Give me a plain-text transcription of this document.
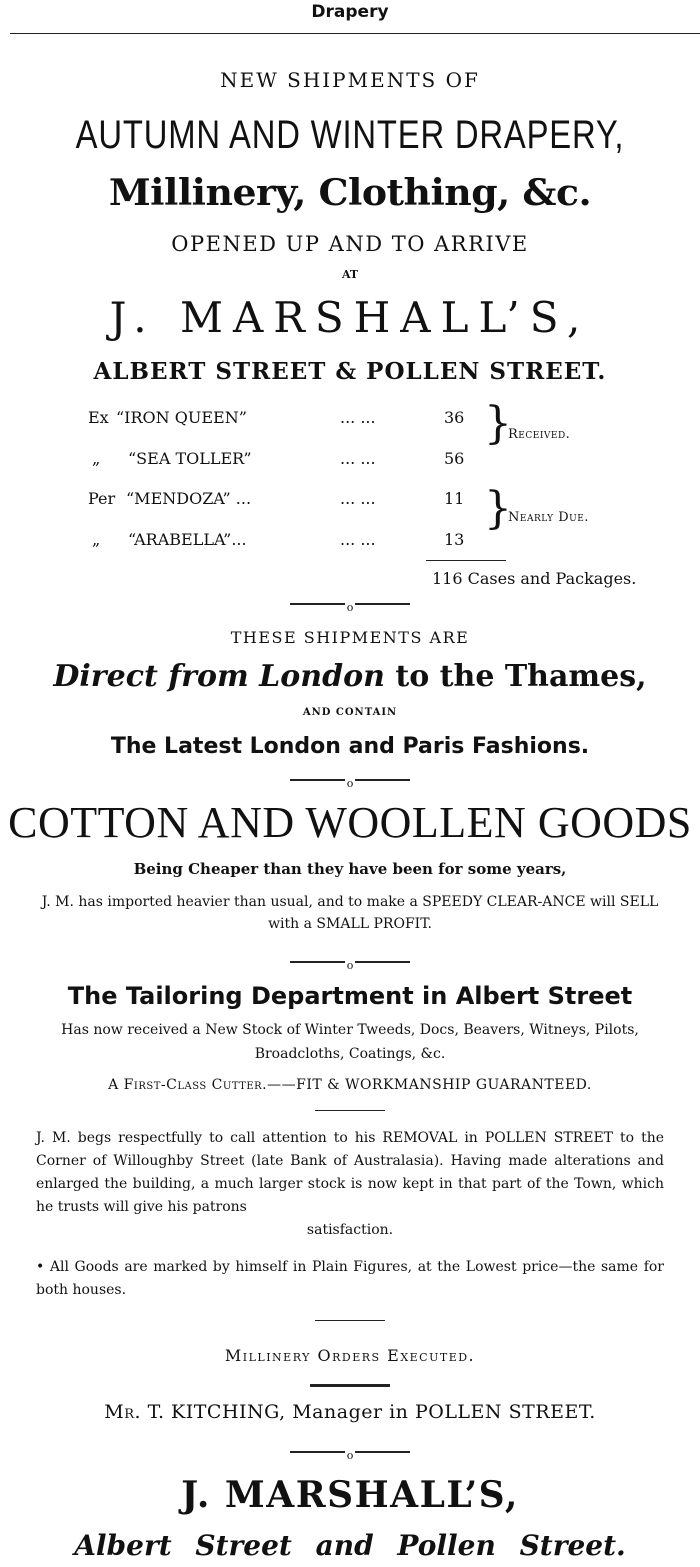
Drapery
NEW SHIPMENTS OF
AUTUMN AND WINTER DRAPERY,
Millinery, Clothing, &c.
OPENED UP AND TO ARRIVE
AT
J. MARSHALL’S,
ALBERT STREET & POLLEN STREET.
Ex “IRON QUEEN”	... ...	36
„ “SEA TOLLER”	... ...	56
Per “MENDOZA” ...	... ...	11
„ “ARABELLA”...	... ...	13
}
Received.
}
Nearly Due.
116 Cases and Packages.
o
THESE SHIPMENTS ARE
Direct from London to the Thames,
AND CONTAIN
The Latest London and Paris Fashions.
o
COTTON AND WOOLLEN GOODS
Being Cheaper than they have been for some years,
J. M. has imported heavier than usual, and to make a SPEEDY CLEAR-ANCE will SELL with a SMALL PROFIT.
o
The Tailoring Department in Albert Street
Has now received a New Stock of Winter Tweeds, Docs, Beavers, Witneys, Pilots, Broadcloths, Coatings, &c.
A First-Class Cutter.——FIT & WORKMANSHIP GUARANTEED.
J. M. begs respectfully to call attention to his REMOVAL in POLLEN STREET to the Corner of Willoughby Street (late Bank of Australasia). Having made alterations and enlarged the building, a much larger stock is now kept in that part of the Town, which he trusts will give his patrons
satisfaction.
• All Goods are marked by himself in Plain Figures, at the Lowest price—the same for both houses.
Millinery Orders Executed.
Mr. T. KITCHING, Manager in POLLEN STREET.
o
J. MARSHALL’S,
Albert Street and Pollen Street.
